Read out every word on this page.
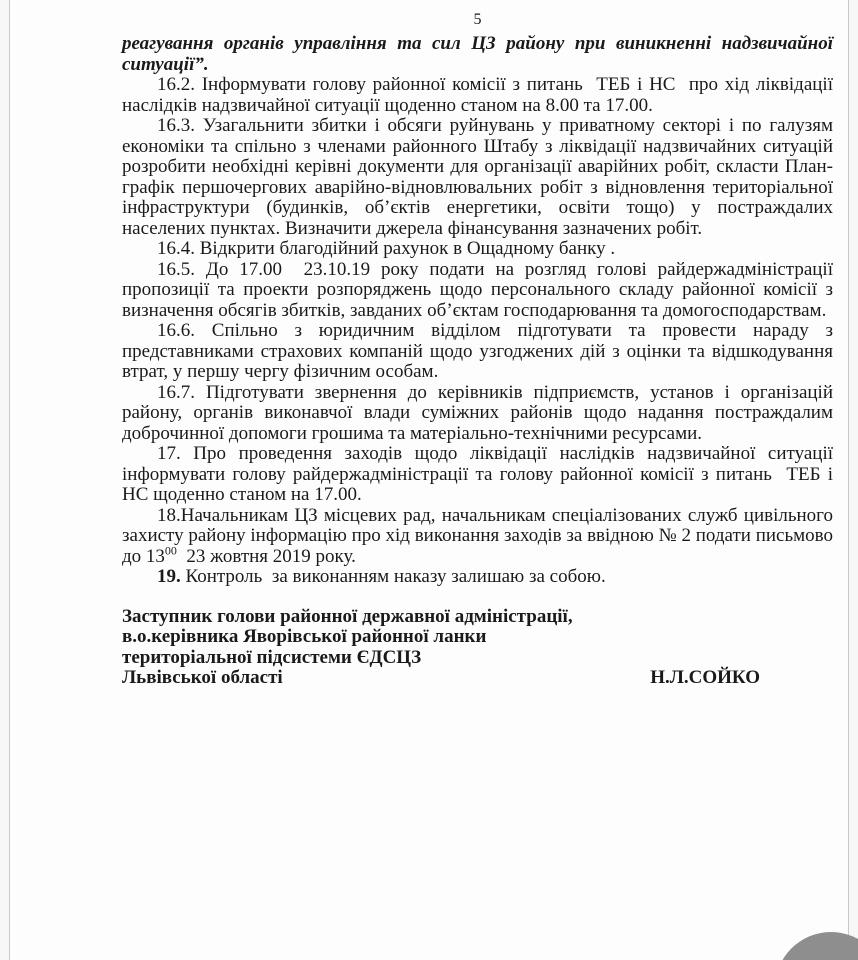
5

реагування органів управління та сил ЦЗ району при виникненні надзвичайної

ситуації”.

16.2. Інформувати голову районної комісії з питань  ТЕБ і НС  про хід ліквідації наслідків надзвичайної ситуації щоденно станом на 8.00 та 17.00.

16.3. Узагальнити збитки і обсяги руйнувань у приватному секторі і по галузям економіки та спільно з членами районного Штабу з ліквідації надзвичайних ситуацій розробити необхідні керівні документи для організації аварійних робіт, скласти План-графік першочергових аварійно-відновлювальних робіт з відновлення територіальної інфраструктури (будинків, об’єктів енергетики, освіти тощо) у постраждалих населених пунктах. Визначити джерела фінансування зазначених робіт.

16.4. Відкрити благодійний рахунок в Ощадному банку .

16.5. До 17.00  23.10.19 року подати на розгляд голові райдержадміністрації пропозиції та проекти розпоряджень щодо персонального складу районної комісії з визначення обсягів збитків, завданих об’єктам господарювання та домогосподарствам.

16.6. Спільно з юридичним відділом підготувати та провести нараду з представниками страхових компаній щодо узгоджених дій з оцінки та відшкодування втрат, у першу чергу фізичним особам.

16.7. Підготувати звернення до керівників підприємств, установ і організацій району, органів виконавчої влади суміжних районів щодо надання постраждалим доброчинної допомоги грошима та матеріально-технічними ресурсами.

17. Про проведення заходів щодо ліквідації наслідків надзвичайної ситуації інформувати голову райдержадміністрації та голову районної комісії з питань  ТЕБ і НС щоденно станом на 17.00.

18.Начальникам ЦЗ місцевих рад, начальникам спеціалізованих служб цивільного захисту району інформацію про хід виконання заходів за ввідною № 2 подати письмово до $13^{00}$  23 жовтня 2019 року.

19. Контроль  за виконанням наказу залишаю за собою.

Заступник голови районної державної адміністрації,
в.о.керівника Яворівської районної ланки
територіальної підсистеми ЄДСЦЗ
Львівської області	Н.Л.СОЙКО
